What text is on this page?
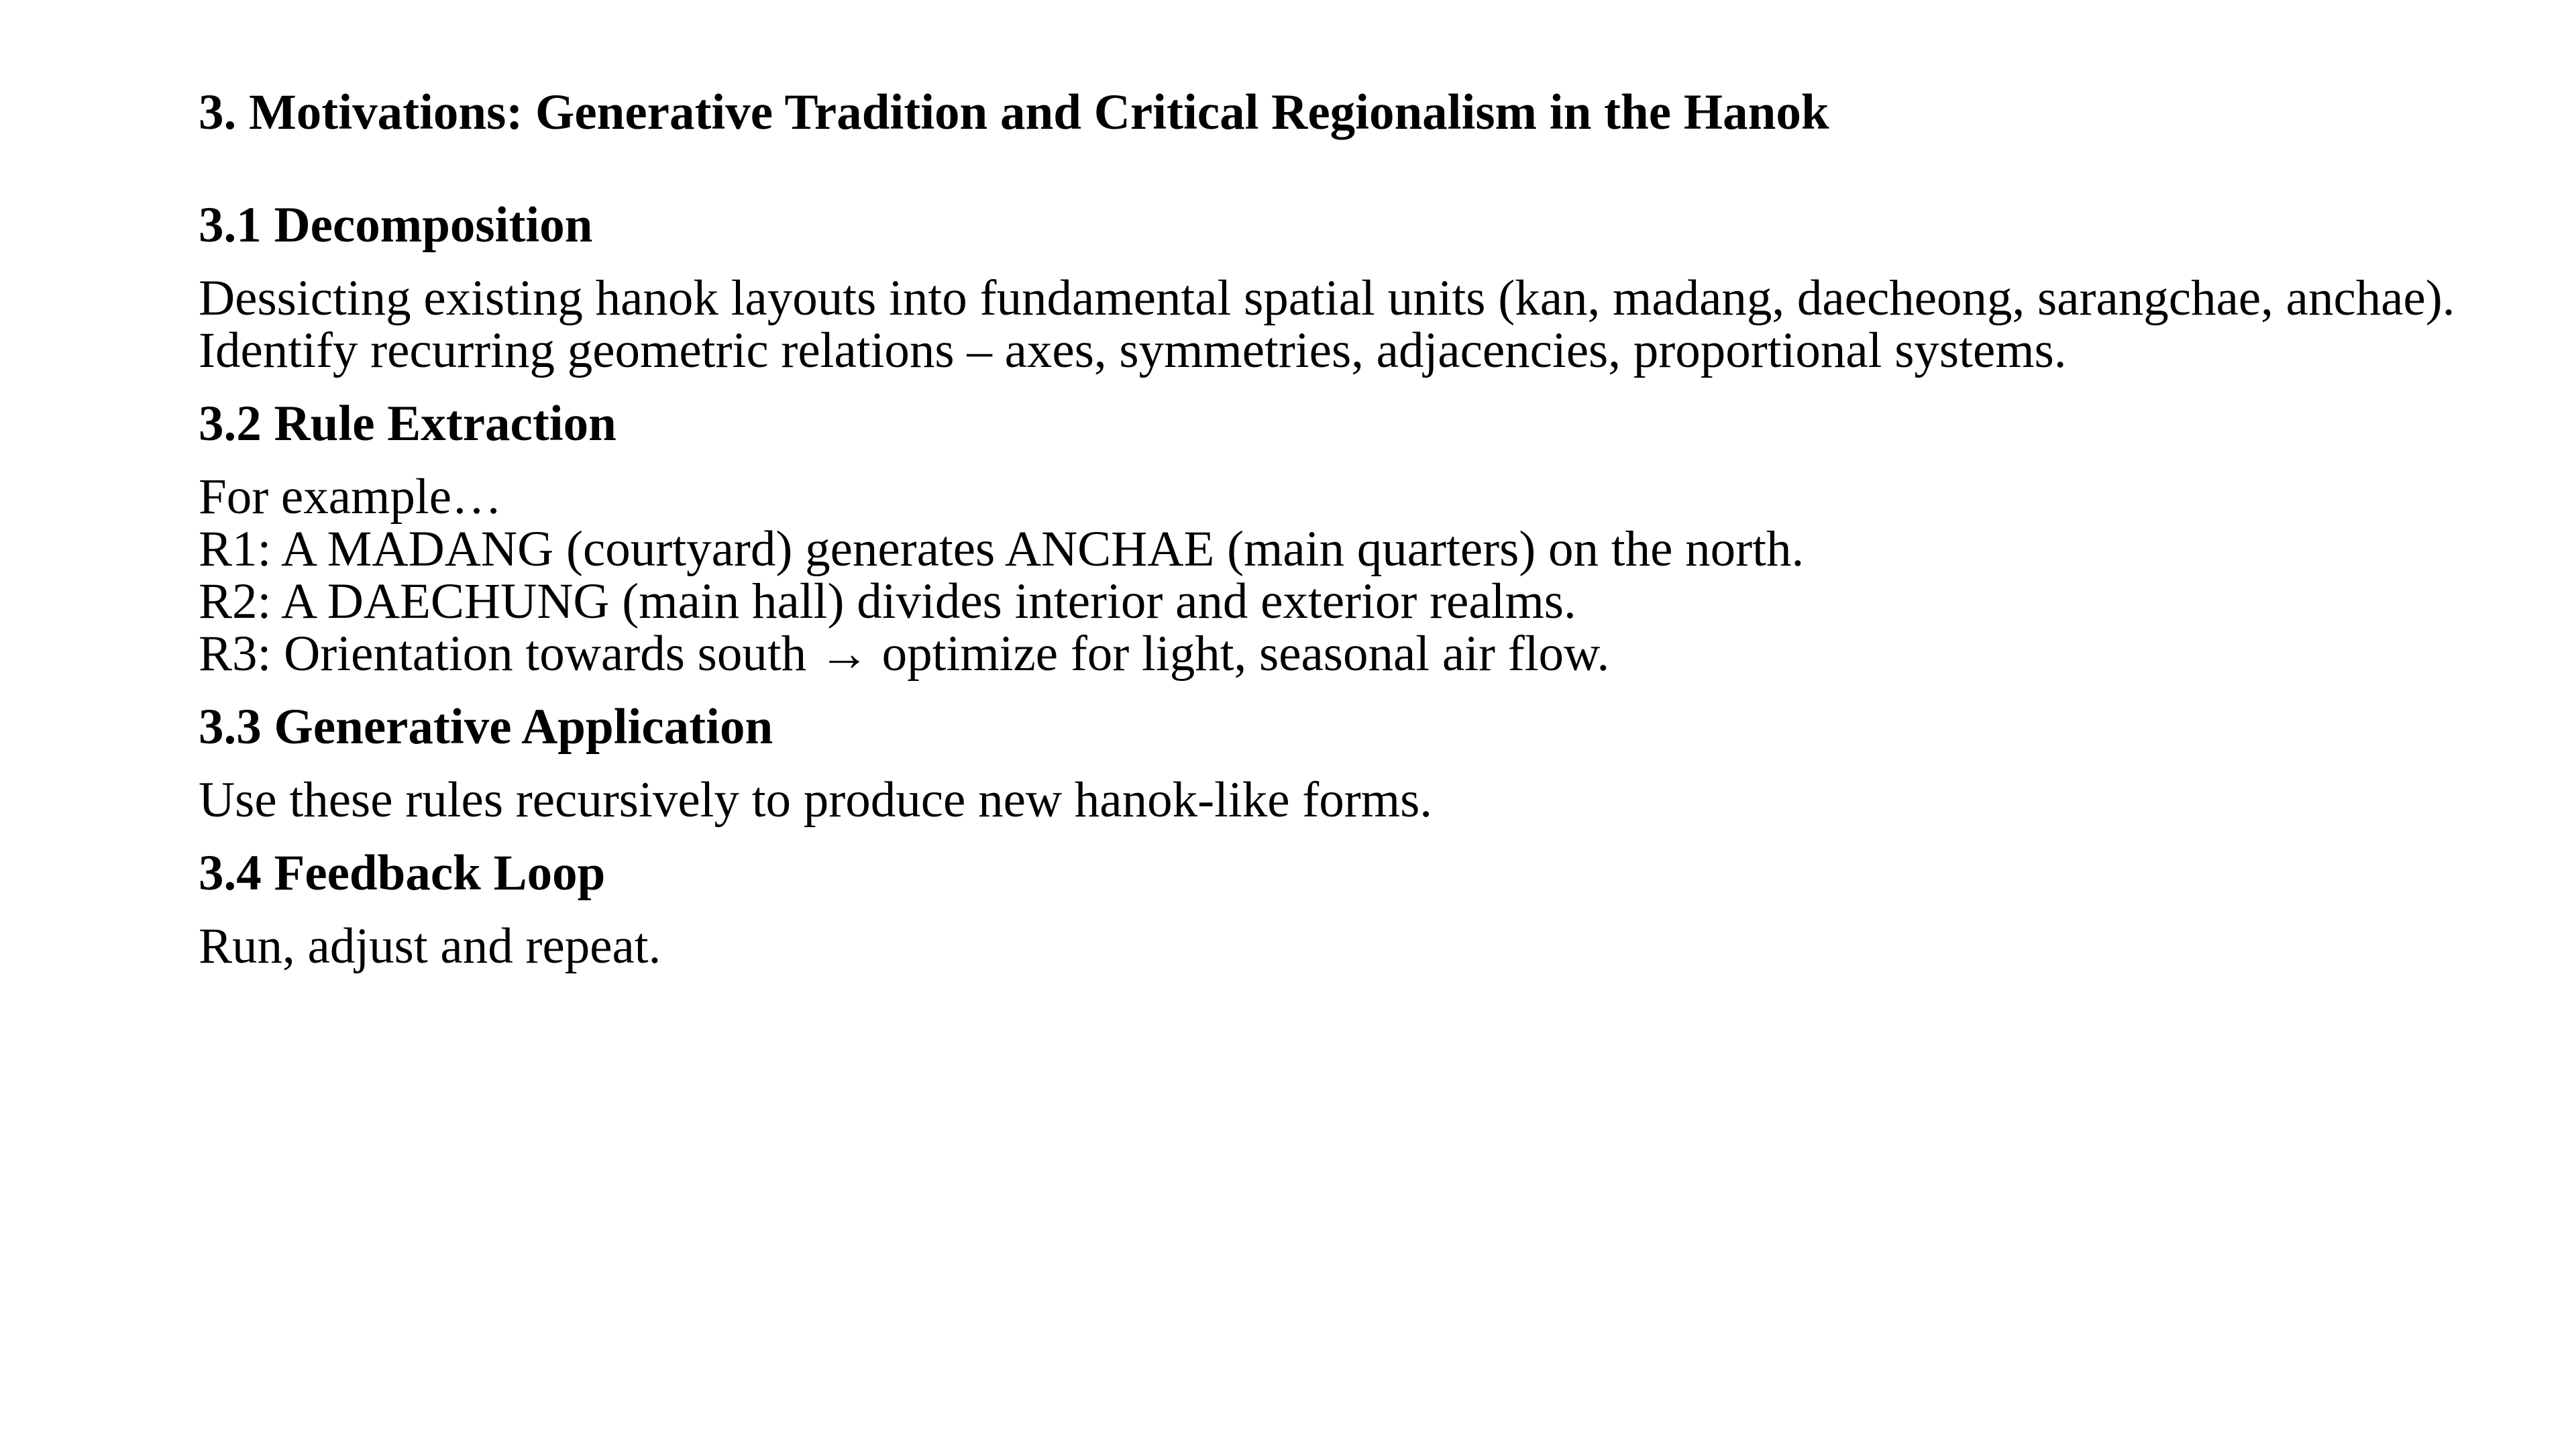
3. Motivations: Generative Tradition and Critical Regionalism in the Hanok
3.1 Decomposition
Dessicting existing hanok layouts into fundamental spatial units (kan, madang, daecheong, sarangchae, anchae).
Identify recurring geometric relations – axes, symmetries, adjacencies, proportional systems.
3.2 Rule Extraction
For example…
R1: A MADANG (courtyard) generates ANCHAE (main quarters) on the north.
R2: A DAECHUNG (main hall) divides interior and exterior realms.
R3: Orientation towards south → optimize for light, seasonal air flow.
3.3 Generative Application
Use these rules recursively to produce new hanok-like forms.
3.4 Feedback Loop
Run, adjust and repeat.
